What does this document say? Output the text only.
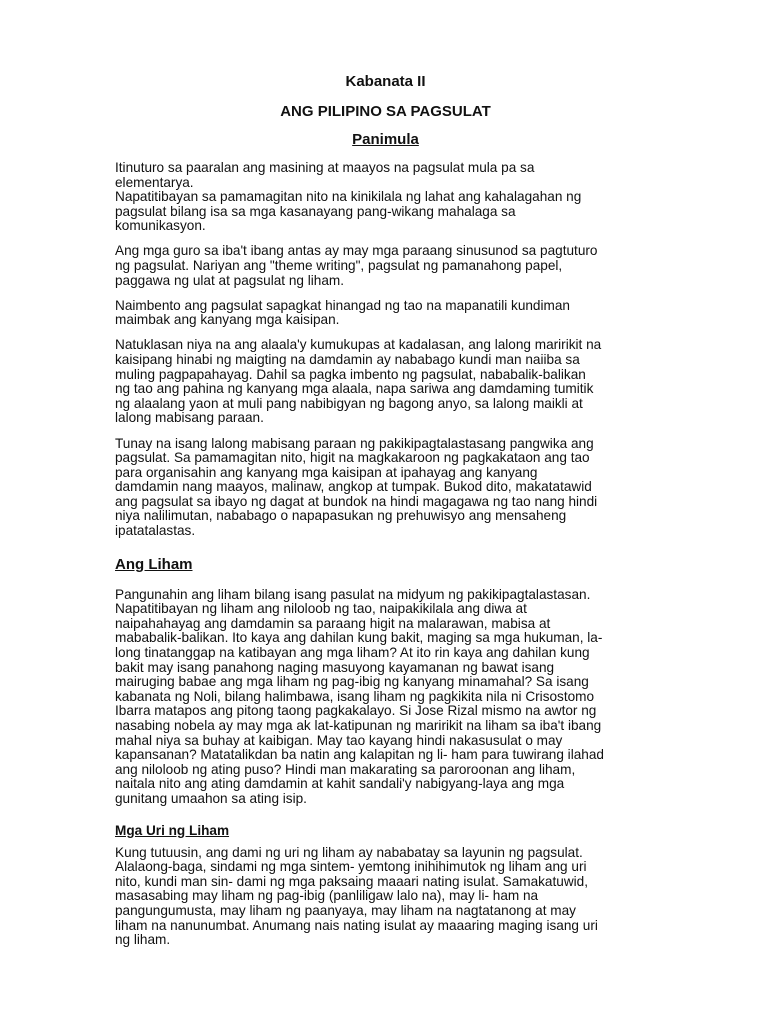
Kabanata II
ANG PILIPINO SA PAGSULAT
Panimula

Itinuturo sa paaralan ang masining at maayos na pagsulat mula pa sa
elementarya.
Napatitibayan sa pamamagitan nito na kinikilala ng lahat ang kahalagahan ng
pagsulat bilang isa sa mga kasanayang pang-wikang mahalaga sa
komunikasyon.

Ang mga guro sa iba't ibang antas ay may mga paraang sinusunod sa pagtuturo
ng pagsulat. Nariyan ang "theme writing", pagsulat ng pamanahong papel,
paggawa ng ulat at pagsulat ng liham.

Naimbento ang pagsulat sapagkat hinangad ng tao na mapanatili kundiman
maimbak ang kanyang mga kaisipan.

Natuklasan niya na ang alaala'y kumukupas at kadalasan, ang lalong maririkit na
kaisipang hinabi ng maigting na damdamin ay nababago kundi man naiiba sa
muling pagpapahayag. Dahil sa pagka imbento ng pagsulat, nababalik-balikan
ng tao ang pahina ng kanyang mga alaala, napa sariwa ang damdaming tumitik
ng alaalang yaon at muli pang nabibigyan ng bagong anyo, sa lalong maikli at
lalong mabisang paraan.

Tunay na isang lalong mabisang paraan ng pakikipagtalastasang pangwika ang
pagsulat. Sa pamamagitan nito, higit na magkakaroon ng pagkakataon ang tao
para organisahin ang kanyang mga kaisipan at ipahayag ang kanyang
damdamin nang maayos, malinaw, angkop at tumpak. Bukod dito, makatatawid
ang pagsulat sa ibayo ng dagat at bundok na hindi magagawa ng tao nang hindi
niya nalilimutan, nababago o napapasukan ng prehuwisyo ang mensaheng
ipatatalastas.

Ang Liham

Pangunahin ang liham bilang isang pasulat na midyum ng pakikipagtalastasan.
Napatitibayan ng liham ang niloloob ng tao, naipakikilala ang diwa at
naipahahayag ang damdamin sa paraang higit na malarawan, mabisa at
mababalik-balikan. Ito kaya ang dahilan kung bakit, maging sa mga hukuman, la-
long tinatanggap na katibayan ang mga liham? At ito rin kaya ang dahilan kung
bakit may isang panahong naging masuyong kayamanan ng bawat isang
mairuging babae ang mga liham ng pag-ibig ng kanyang minamahal? Sa isang
kabanata ng Noli, bilang halimbawa, isang liham ng pagkikita nila ni Crisostomo
Ibarra matapos ang pitong taong pagkakalayo. Si Jose Rizal mismo na awtor ng
nasabing nobela ay may mga ak lat-katipunan ng maririkit na liham sa iba't ibang
mahal niya sa buhay at kaibigan. May tao kayang hindi nakasusulat o may
kapansanan? Matatalikdan ba natin ang kalapitan ng li- ham para tuwirang ilahad
ang niloloob ng ating puso? Hindi man makarating sa paroroonan ang liham,
naitala nito ang ating damdamin at kahit sandali'y nabigyang-laya ang mga
gunitang umaahon sa ating isip.

Mga Uri ng Liham

Kung tutuusin, ang dami ng uri ng liham ay nababatay sa layunin ng pagsulat.
Alalaong-baga, sindami ng mga sintem- yemtong inihihimutok ng liham ang uri
nito, kundi man sin- dami ng mga paksaing maaari nating isulat. Samakatuwid,
masasabing may liham ng pag-ibig (panliligaw lalo na), may li- ham na
pangungumusta, may liham ng paanyaya, may liham na nagtatanong at may
liham na nanunumbat. Anumang nais nating isulat ay maaaring maging isang uri
ng liham.
